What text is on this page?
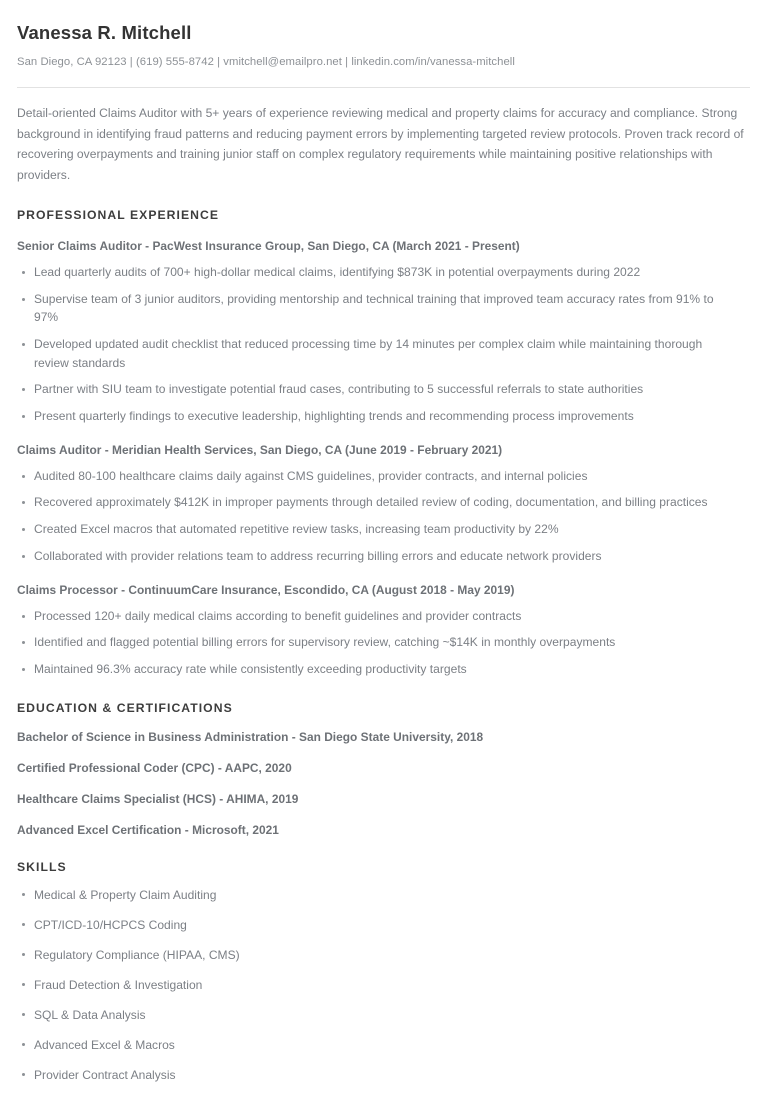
Vanessa R. Mitchell
San Diego, CA 92123 | (619) 555-8742 | vmitchell@emailpro.net | linkedin.com/in/vanessa-mitchell

Detail-oriented Claims Auditor with 5+ years of experience reviewing medical and property claims for accuracy and compliance. Strong background in identifying fraud patterns and reducing payment errors by implementing targeted review protocols. Proven track record of recovering overpayments and training junior staff on complex regulatory requirements while maintaining positive relationships with providers.

PROFESSIONAL EXPERIENCE
Senior Claims Auditor - PacWest Insurance Group, San Diego, CA (March 2021 - Present)
Lead quarterly audits of 700+ high-dollar medical claims, identifying $873K in potential overpayments during 2022
Supervise team of 3 junior auditors, providing mentorship and technical training that improved team accuracy rates from 91% to 97%
Developed updated audit checklist that reduced processing time by 14 minutes per complex claim while maintaining thorough review standards
Partner with SIU team to investigate potential fraud cases, contributing to 5 successful referrals to state authorities
Present quarterly findings to executive leadership, highlighting trends and recommending process improvements
Claims Auditor - Meridian Health Services, San Diego, CA (June 2019 - February 2021)
Audited 80-100 healthcare claims daily against CMS guidelines, provider contracts, and internal policies
Recovered approximately $412K in improper payments through detailed review of coding, documentation, and billing practices
Created Excel macros that automated repetitive review tasks, increasing team productivity by 22%
Collaborated with provider relations team to address recurring billing errors and educate network providers
Claims Processor - ContinuumCare Insurance, Escondido, CA (August 2018 - May 2019)
Processed 120+ daily medical claims according to benefit guidelines and provider contracts
Identified and flagged potential billing errors for supervisory review, catching ~$14K in monthly overpayments
Maintained 96.3% accuracy rate while consistently exceeding productivity targets
EDUCATION & CERTIFICATIONS
Bachelor of Science in Business Administration - San Diego State University, 2018
Certified Professional Coder (CPC) - AAPC, 2020
Healthcare Claims Specialist (HCS) - AHIMA, 2019
Advanced Excel Certification - Microsoft, 2021
SKILLS
Medical & Property Claim Auditing
CPT/ICD-10/HCPCS Coding
Regulatory Compliance (HIPAA, CMS)
Fraud Detection & Investigation
SQL & Data Analysis
Advanced Excel & Macros
Provider Contract Analysis
